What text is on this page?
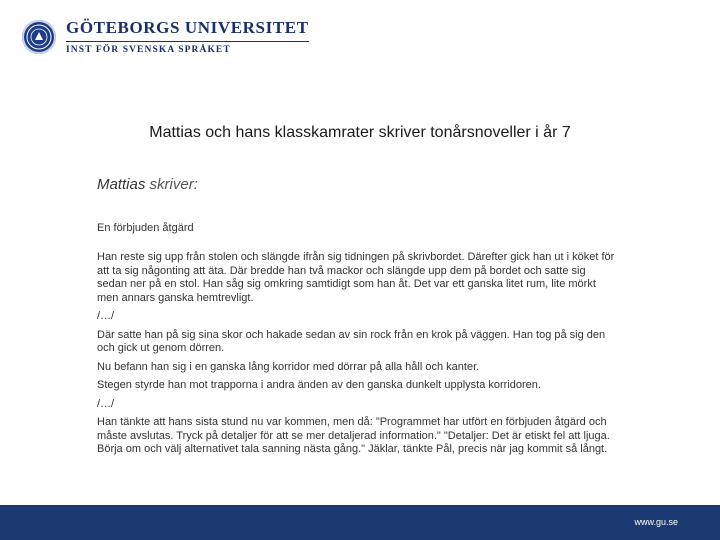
GÖTEBORGS UNIVERSITET
INST FÖR SVENSKA SPRÅKET
Mattias och hans klasskamrater skriver tonårsnoveller i år 7
Mattias skriver:
En förbjuden åtgärd

Han reste sig upp från stolen och slängde ifrån sig tidningen på skrivbordet. Därefter gick han ut i köket för att ta sig någonting att äta. Där bredde han två mackor och slängde upp dem på bordet och satte sig sedan ner på en stol. Han såg sig omkring samtidigt som han åt. Det var ett ganska litet rum, lite mörkt men annars ganska hemtrevligt.

/…/

Där satte han på sig sina skor och hakade sedan av sin rock från en krok på väggen. Han tog på sig den och gick ut genom dörren.

Nu befann han sig i en ganska lång korridor med dörrar på alla håll och kanter.

Stegen styrde han mot trapporna i andra änden av den ganska dunkelt upplysta korridoren.

/…/

Han tänkte att hans sista stund nu var kommen, men då: "Programmet har utfört en förbjuden åtgärd och måste avslutas. Tryck på detaljer för att se mer detaljerad information." "Detaljer: Det är etiskt fel att ljuga. Börja om och välj alternativet tala sanning nästa gång." Jäklar, tänkte Pål, precis när jag kommit så långt.

www.gu.se
